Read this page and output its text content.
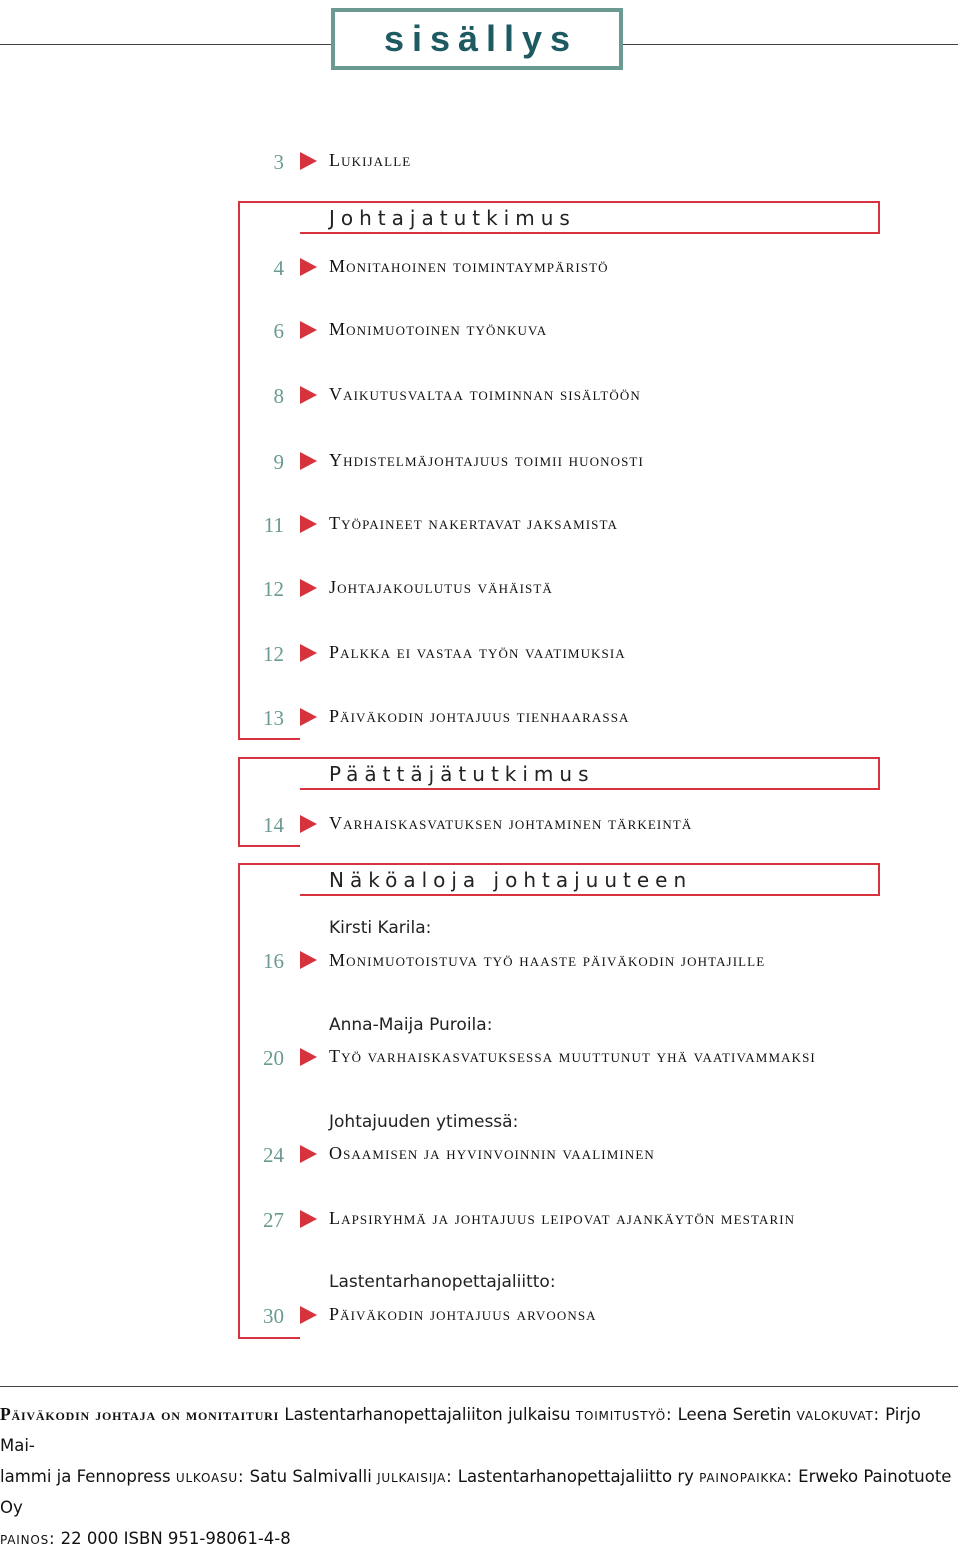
sisällys
3	Lukijalle
Johtajatutkimus
4	Monitahoinen toimintaympäristö
6	Monimuotoinen työnkuva
8	Vaikutusvaltaa toiminnan sisältöön
9	Yhdistelmäjohtajuus toimii huonosti
11	Työpaineet nakertavat jaksamista
12	Johtajakoulutus vähäistä
12	Palkka ei vastaa työn vaatimuksia
13	Päiväkodin johtajuus tienhaarassa
Päättäjätutkimus
14	Varhaiskasvatuksen johtaminen tärkeintä
Näköaloja johtajuuteen
Kirsti Karila:
16	Monimuotoistuva työ haaste päiväkodin johtajille
Anna-Maija Puroila:
20	Työ varhaiskasvatuksessa muuttunut yhä vaativammaksi
Johtajuuden ytimessä:
24	Osaamisen ja hyvinvoinnin vaaliminen
27	Lapsiryhmä ja johtajuus leipovat ajankäytön mestarin
Lastentarhanopettajaliitto:
30	Päiväkodin johtajuus arvoonsa
Päiväkodin johtaja on monitaituri Lastentarhanopettajaliiton julkaisu toimitustyö: Leena Seretin valokuvat: Pirjo Mai-
lammi ja Fennopress ulkoasu: Satu Salmivalli julkaisija: Lastentarhanopettajaliitto ry painopaikka: Erweko Painotuote Oy
painos: 22 000 ISBN 951-98061-4-8
